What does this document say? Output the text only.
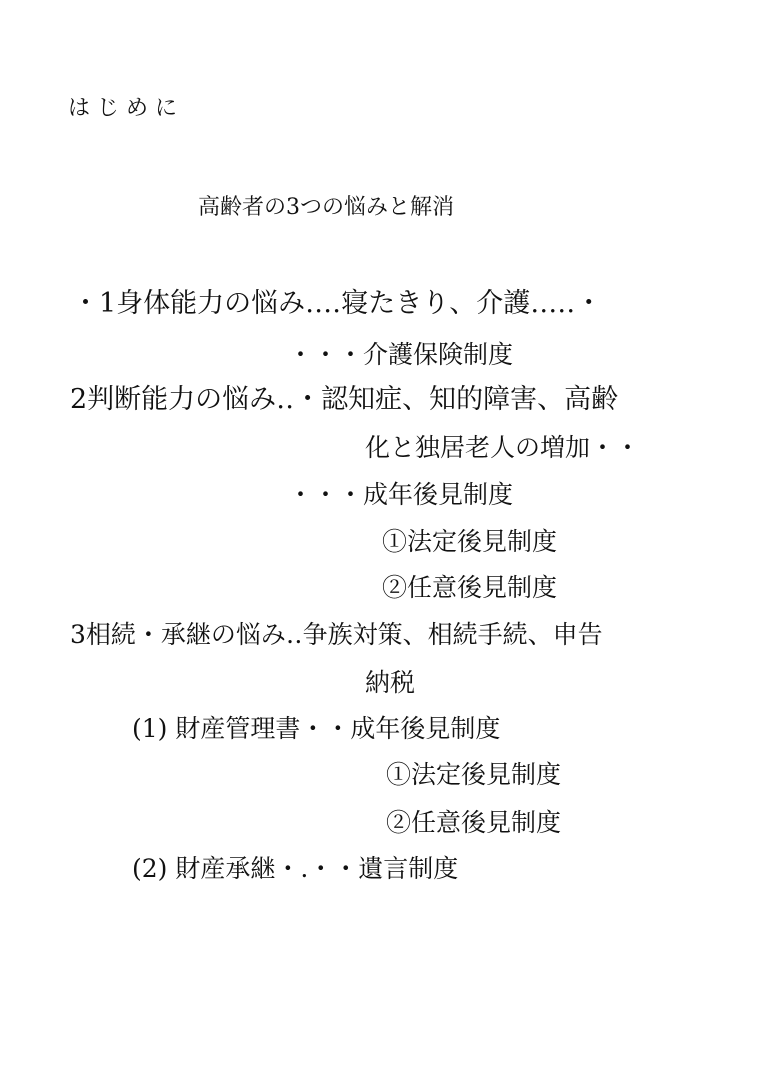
はじめに
高齢者の3つの悩みと解消
・1身体能力の悩み‥‥寝たきり、介護‥…・
・・・介護保険制度
2判断能力の悩み‥・認知症、知的障害、高齢
化と独居老人の増加・・
・・・成年後見制度
①法定後見制度
②任意後見制度
3相続・承継の悩み‥争族対策、相続手続、申告
納税
(1) 財産管理書・・成年後見制度
①法定後見制度
②任意後見制度
(2) 財産承継・.・・遺言制度
